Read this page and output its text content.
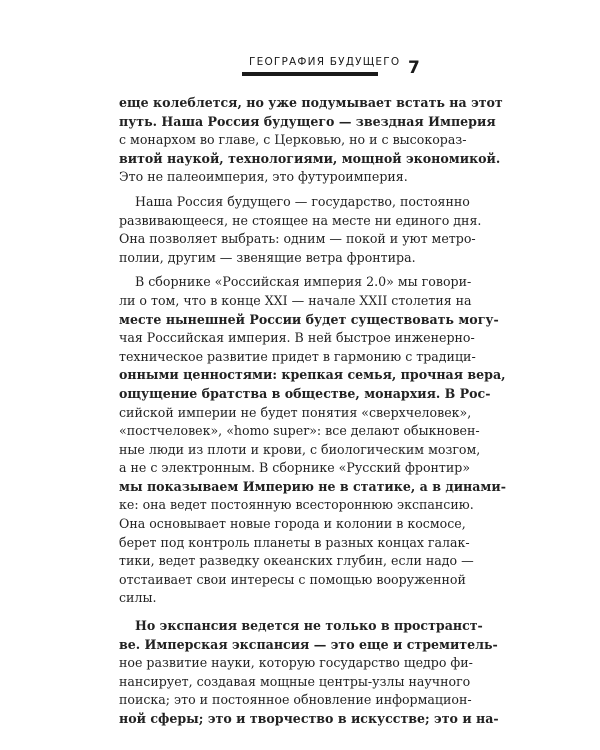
ГЕОГРАФИЯ БУДУЩЕГО 7
еще колеблется, но уже подумывает встать на этот
путь. Наша Россия будущего — звездная Империя
с монархом во главе, с Церковью, но и с высокораз-
витой наукой, технологиями, мощной экономикой.
Это не палеоимперия, это футуроимперия.
Наша Россия будущего — государство, постоянно
развивающееся, не стоящее на месте ни единого дня.
Она позволяет выбрать: одним — покой и уют метро-
полии, другим — звенящие ветра фронтира.
В сборнике «Российская империя 2.0» мы говори-
ли о том, что в конце XXI — начале XXII столетия на
месте нынешней России будет существовать могу-
чая Российская империя. В ней быстрое инженерно-
техническое развитие придет в гармонию с традици-
онными ценностями: крепкая семья, прочная вера,
ощущение братства в обществе, монархия. В Рос-
сийской империи не будет понятия «сверхчеловек»,
«постчеловек», «homo super»: все делают обыкновен-
ные люди из плоти и крови, с биологическим мозгом,
а не с электронным. В сборнике «Русский фронтир»
мы показываем Империю не в статике, а в динами-
ке: она ведет постоянную всестороннюю экспансию.
Она основывает новые города и колонии в космосе,
берет под контроль планеты в разных концах галак-
тики, ведет разведку океанских глубин, если надо —
отстаивает свои интересы с помощью вооруженной
силы.
Но экспансия ведется не только в пространст-
ве. Имперская экспансия — это еще и стремитель-
ное развитие науки, которую государство щедро фи-
нансирует, создавая мощные центры-узлы научного
поиска; это и постоянное обновление информацион-
ной сферы; это и творчество в искусстве; это и на-
